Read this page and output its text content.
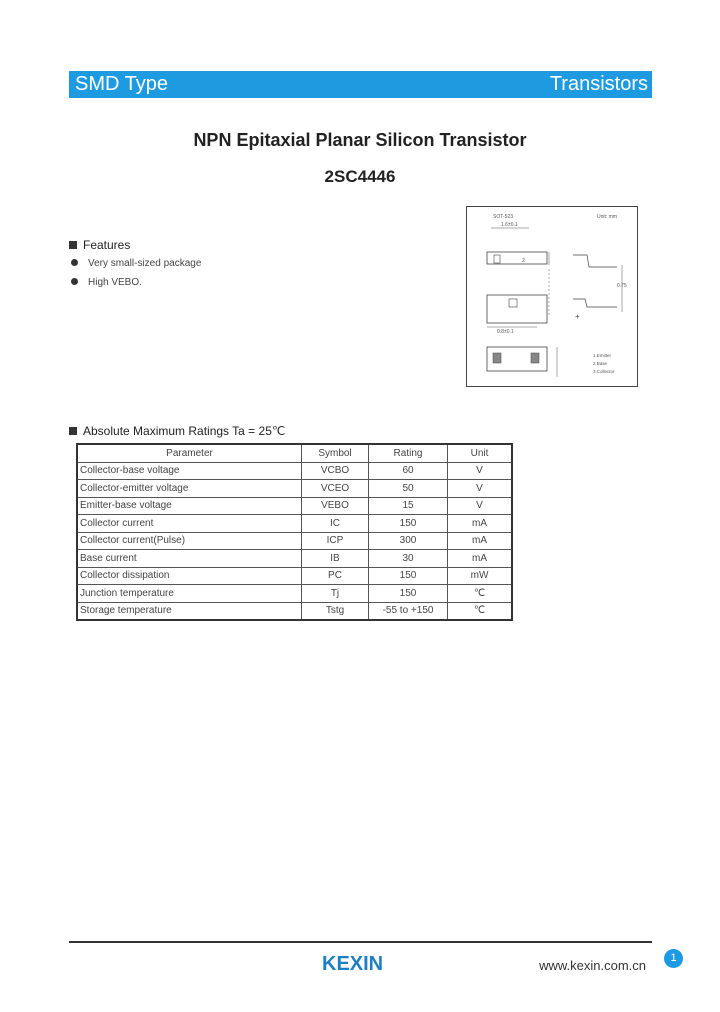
SMD Type	Transistors
NPN Epitaxial Planar Silicon Transistor
2SC4446
Features
Very small-sized package
High VEBO.
SOT-523	Unit: mm
1.6±0.1
2
0.8±0.1
0.75
+
1.Emitter
2.Base
3.Collector
Absolute Maximum Ratings Ta = 25℃
Parameter	Symbol	Rating	Unit
Collector-base voltage	VCBO	60	V
Collector-emitter voltage	VCEO	50	V
Emitter-base voltage	VEBO	15	V
Collector current	IC	150	mA
Collector current(Pulse)	ICP	300	mA
Base current	IB	30	mA
Collector dissipation	PC	150	mW
Junction temperature	Tj	150	℃
Storage temperature	Tstg	-55 to +150	℃
KEXIN	www.kexin.com.cn	1
